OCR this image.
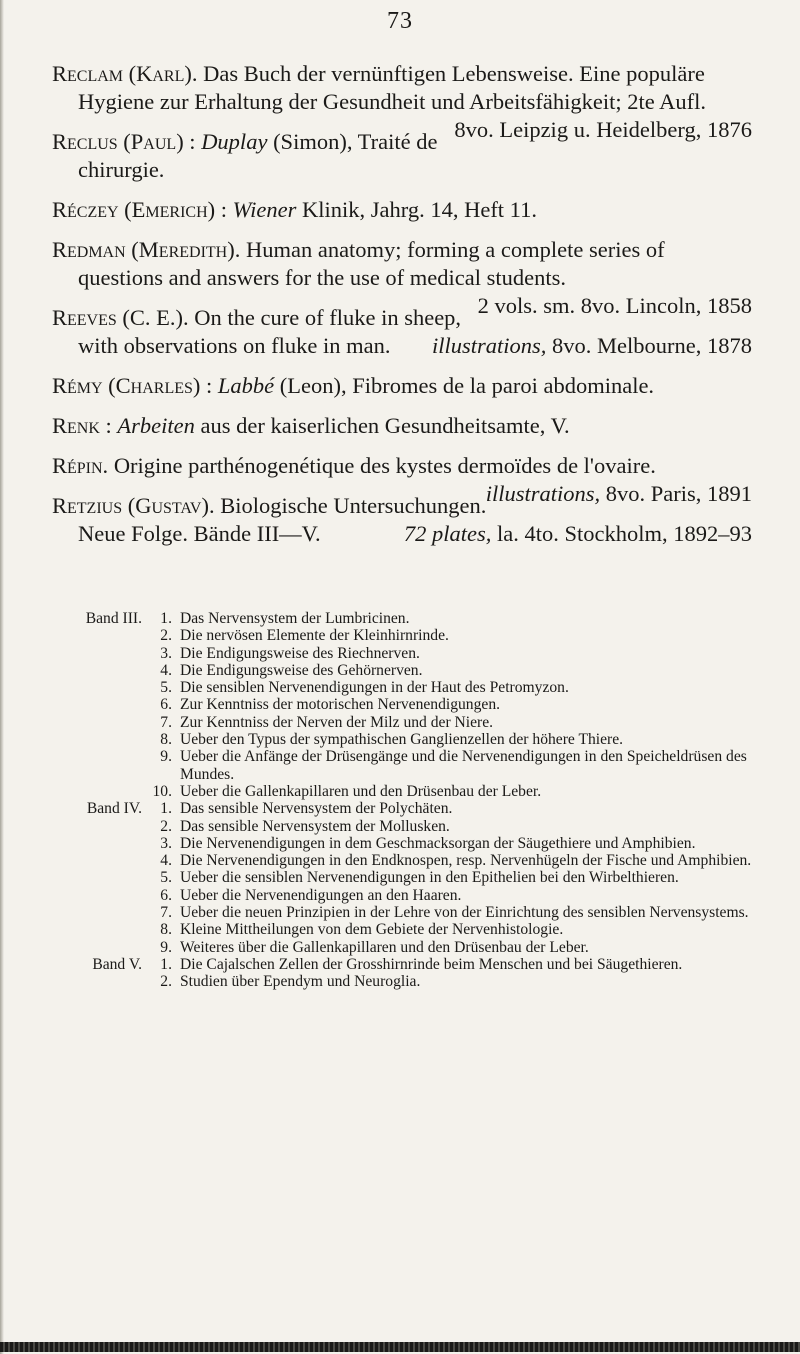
73
Reclam (Karl). Das Buch der vernünftigen Lebensweise. Eine populäre Hygiene zur Erhaltung der Gesundheit und Arbeitsfähigkeit; 2te Aufl.
8vo. Leipzig u. Heidelberg, 1876
Reclus (Paul) : Duplay (Simon), Traité de chirurgie.
Réczey (Emerich) : Wiener Klinik, Jahrg. 14, Heft 11.
Redman (Meredith). Human anatomy; forming a complete series of questions and answers for the use of medical students.
2 vols. sm. 8vo. Lincoln, 1858
Reeves (C. E.). On the cure of fluke in sheep, with observations on fluke in man. illustrations, 8vo. Melbourne, 1878
Rémy (Charles) : Labbé (Leon), Fibromes de la paroi abdominale.
Renk : Arbeiten aus der kaiserlichen Gesundheitsamte, V.
Répin. Origine parthénogenétique des kystes dermoïdes de l'ovaire.
illustrations, 8vo. Paris, 1891
Retzius (Gustav). Biologische Untersuchungen. Neue Folge. Bände III—V.	72 plates, la. 4to. Stockholm, 1892–93
Band III.	1. Das Nervensystem der Lumbricinen.
2. Die nervösen Elemente der Kleinhirnrinde.
3. Die Endigungsweise des Riechnerven.
4. Die Endigungsweise des Gehörnerven.
5. Die sensiblen Nervenendigungen in der Haut des Petromyzon.
6. Zur Kenntniss der motorischen Nervenendigungen.
7. Zur Kenntniss der Nerven der Milz und der Niere.
8. Ueber den Typus der sympathischen Ganglienzellen der höhere Thiere.
9. Ueber die Anfänge der Drüsengänge und die Nervenendigungen in den Speicheldrüsen des Mundes.
10. Ueber die Gallenkapillaren und den Drüsenbau der Leber.
Band IV.	1. Das sensible Nervensystem der Polychäten.
2. Das sensible Nervensystem der Mollusken.
3. Die Nervenendigungen in dem Geschmacksorgan der Säugethiere und Amphibien.
4. Die Nervenendigungen in den Endknospen, resp. Nervenhügeln der Fische und Amphibien.
5. Ueber die sensiblen Nervenendigungen in den Epithelien bei den Wirbelthieren.
6. Ueber die Nervenendigungen an den Haaren.
7. Ueber die neuen Prinzipien in der Lehre von der Einrichtung des sensiblen Nervensystems.
8. Kleine Mittheilungen von dem Gebiete der Nervenhistologie.
9. Weiteres über die Gallenkapillaren und den Drüsenbau der Leber.
Band V.	1. Die Cajalschen Zellen der Grosshirnrinde beim Menschen und bei Säugethieren.
2. Studien über Ependym und Neuroglia.
